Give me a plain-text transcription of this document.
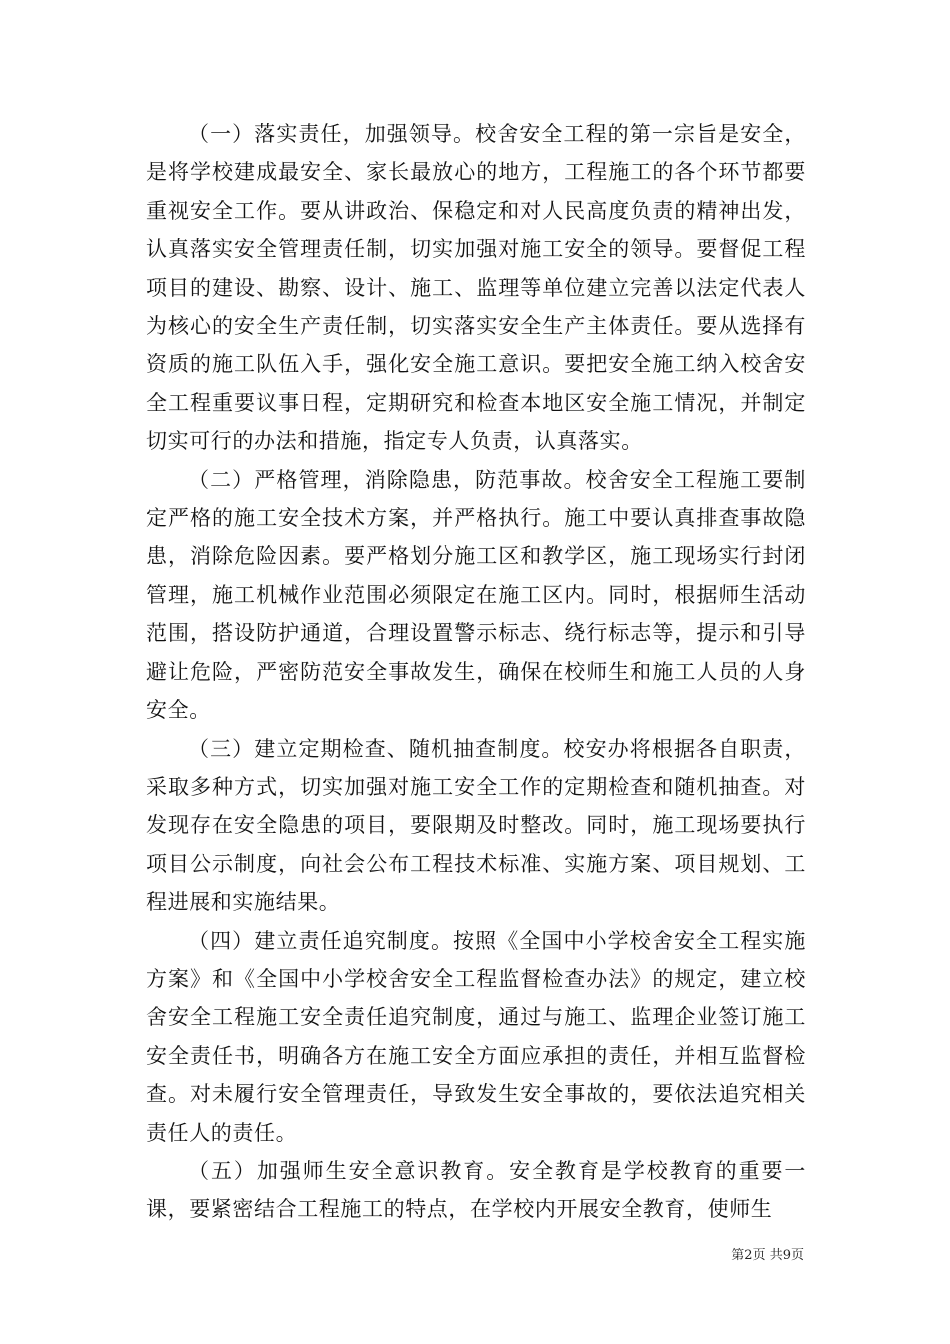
（一）落实责任，加强领导。校舍安全工程的第一宗旨是安全，是将学校建成最安全、家长最放心的地方，工程施工的各个环节都要重视安全工作。要从讲政治、保稳定和对人民高度负责的精神出发，认真落实安全管理责任制，切实加强对施工安全的领导。要督促工程项目的建设、勘察、设计、施工、监理等单位建立完善以法定代表人为核心的安全生产责任制，切实落实安全生产主体责任。要从选择有资质的施工队伍入手，强化安全施工意识。要把安全施工纳入校舍安全工程重要议事日程，定期研究和检查本地区安全施工情况，并制定切实可行的办法和措施，指定专人负责，认真落实。

（二）严格管理，消除隐患，防范事故。校舍安全工程施工要制定严格的施工安全技术方案，并严格执行。施工中要认真排查事故隐患，消除危险因素。要严格划分施工区和教学区，施工现场实行封闭管理，施工机械作业范围必须限定在施工区内。同时，根据师生活动范围，搭设防护通道，合理设置警示标志、绕行标志等，提示和引导避让危险，严密防范安全事故发生，确保在校师生和施工人员的人身安全。

（三）建立定期检查、随机抽查制度。校安办将根据各自职责，采取多种方式，切实加强对施工安全工作的定期检查和随机抽查。对发现存在安全隐患的项目，要限期及时整改。同时，施工现场要执行项目公示制度，向社会公布工程技术标准、实施方案、项目规划、工程进展和实施结果。

（四）建立责任追究制度。按照《全国中小学校舍安全工程实施方案》和《全国中小学校舍安全工程监督检查办法》的规定，建立校舍安全工程施工安全责任追究制度，通过与施工、监理企业签订施工安全责任书，明确各方在施工安全方面应承担的责任，并相互监督检查。对未履行安全管理责任，导致发生安全事故的，要依法追究相关责任人的责任。

（五）加强师生安全意识教育。安全教育是学校教育的重要一课，要紧密结合工程施工的特点，在学校内开展安全教育，使师生

第2页 共9页
